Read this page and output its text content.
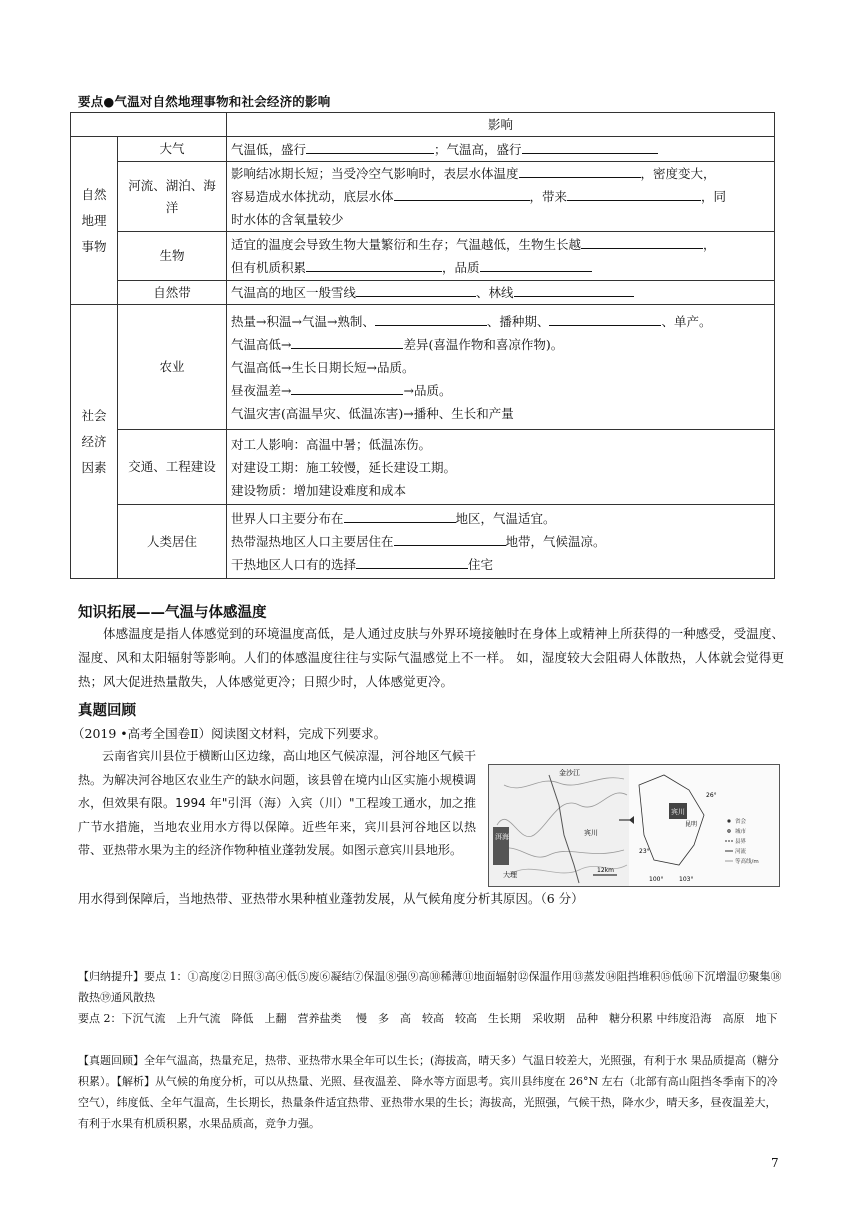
要点●气温对自然地理事物和社会经济的影响
		影响
自然地理事物	大气	气温低，盛行 ；气温高，盛行
	河流、湖泊、海洋	影响结冰期长短；当受冷空气影响时，表层水体温度 ，密度变大，
容易造成水体扰动，底层水体 ，带来 ，同
时水体的含氧量较少
	生物	适宜的温度会导致生物大量繁衍和生存；气温越低，生物生长越 ，
但有机质积累 ，品质
	自然带	气温高的地区一般雪线 、林线
社会经济因素	农业	热量→积温→气温→熟制、 、播种期、 、单产。
气温高低→ 差异(喜温作物和喜凉作物)。
气温高低→生长日期长短→品质。
昼夜温差→ →品质。
气温灾害(高温旱灾、低温冻害)→播种、生长和产量
	交通、工程建设	对工人影响：高温中暑；低温冻伤。
对建设工期：施工较慢，延长建设工期。
建设物质：增加建设难度和成本
	人类居住	世界人口主要分布在 地区，气温适宜。
热带湿热地区人口主要居住在 地带，气候温凉。
干热地区人口有的选择 住宅
知识拓展——气温与体感温度
体感温度是指人体感觉到的环境温度高低，是人通过皮肤与外界环境接触时在身体上或精神上所获得的一种感受，受温度、湿度、风和太阳辐射等影响。人们的体感温度往往与实际气温感觉上不一样。 如，湿度较大会阻碍人体散热，人体就会觉得更热；风大促进热量散失，人体感觉更冷；日照少时，人体感觉更冷。
真题回顾
（2019 •高考全国卷Ⅱ）阅读图文材料，完成下列要求。
云南省宾川县位于横断山区边缘，高山地区气候凉湿，河谷地区气候干热。为解决河谷地区农业生产的缺水问题，该县曾在境内山区实施小规模调水，但效果有限。1994 年"引洱（海）入宾（川）"工程竣工通水，加之推广节水措施，当地农业用水方得以保障。近些年来，宾川县河谷地区以热带、亚热带水果为主的经济作物种植业蓬勃发展。如图示意宾川县地形。
用水得到保障后，当地热带、亚热带水果种植业蓬勃发展，从气候角度分析其原因。（6 分）
洱海
大理
宾川
金沙江
12km
宾川
昆明
26°
23°
100°	103°
省会
城市
县界
河流
等高线/m
【归纳提升】要点 1：①高度②日照③高④低⑤废⑥凝结⑦保温⑧强⑨高⑩稀薄⑪地面辐射⑫保温作用⑬蒸发⑭阻挡堆积⑮低⑯下沉增温⑰聚集⑱散热⑲通风散热
要点 2：下沉气流　上升气流　降低　上翻　营养盐类　 慢　多　高　较高　较高　生长期　采收期　品种　糖分积累 中纬度沿海　高原　地下
【真题回顾】全年气温高，热量充足，热带、亚热带水果全年可以生长；(海拔高，晴天多）气温日较差大，光照强，有利于水 果品质提高（糖分积累）。【解析】从气候的角度分析，可以从热量、光照、昼夜温差、 降水等方面思考。宾川县纬度在 26°N 左右（北部有高山阻挡冬季南下的冷空气），纬度低、全年气温高，生长期长，热量条件适宜热带、亚热带水果的生长；海拔高，光照强，气候干热，降水少，晴天多，昼夜温差大，有利于水果有机质积累，水果品质高，竞争力强。
7
